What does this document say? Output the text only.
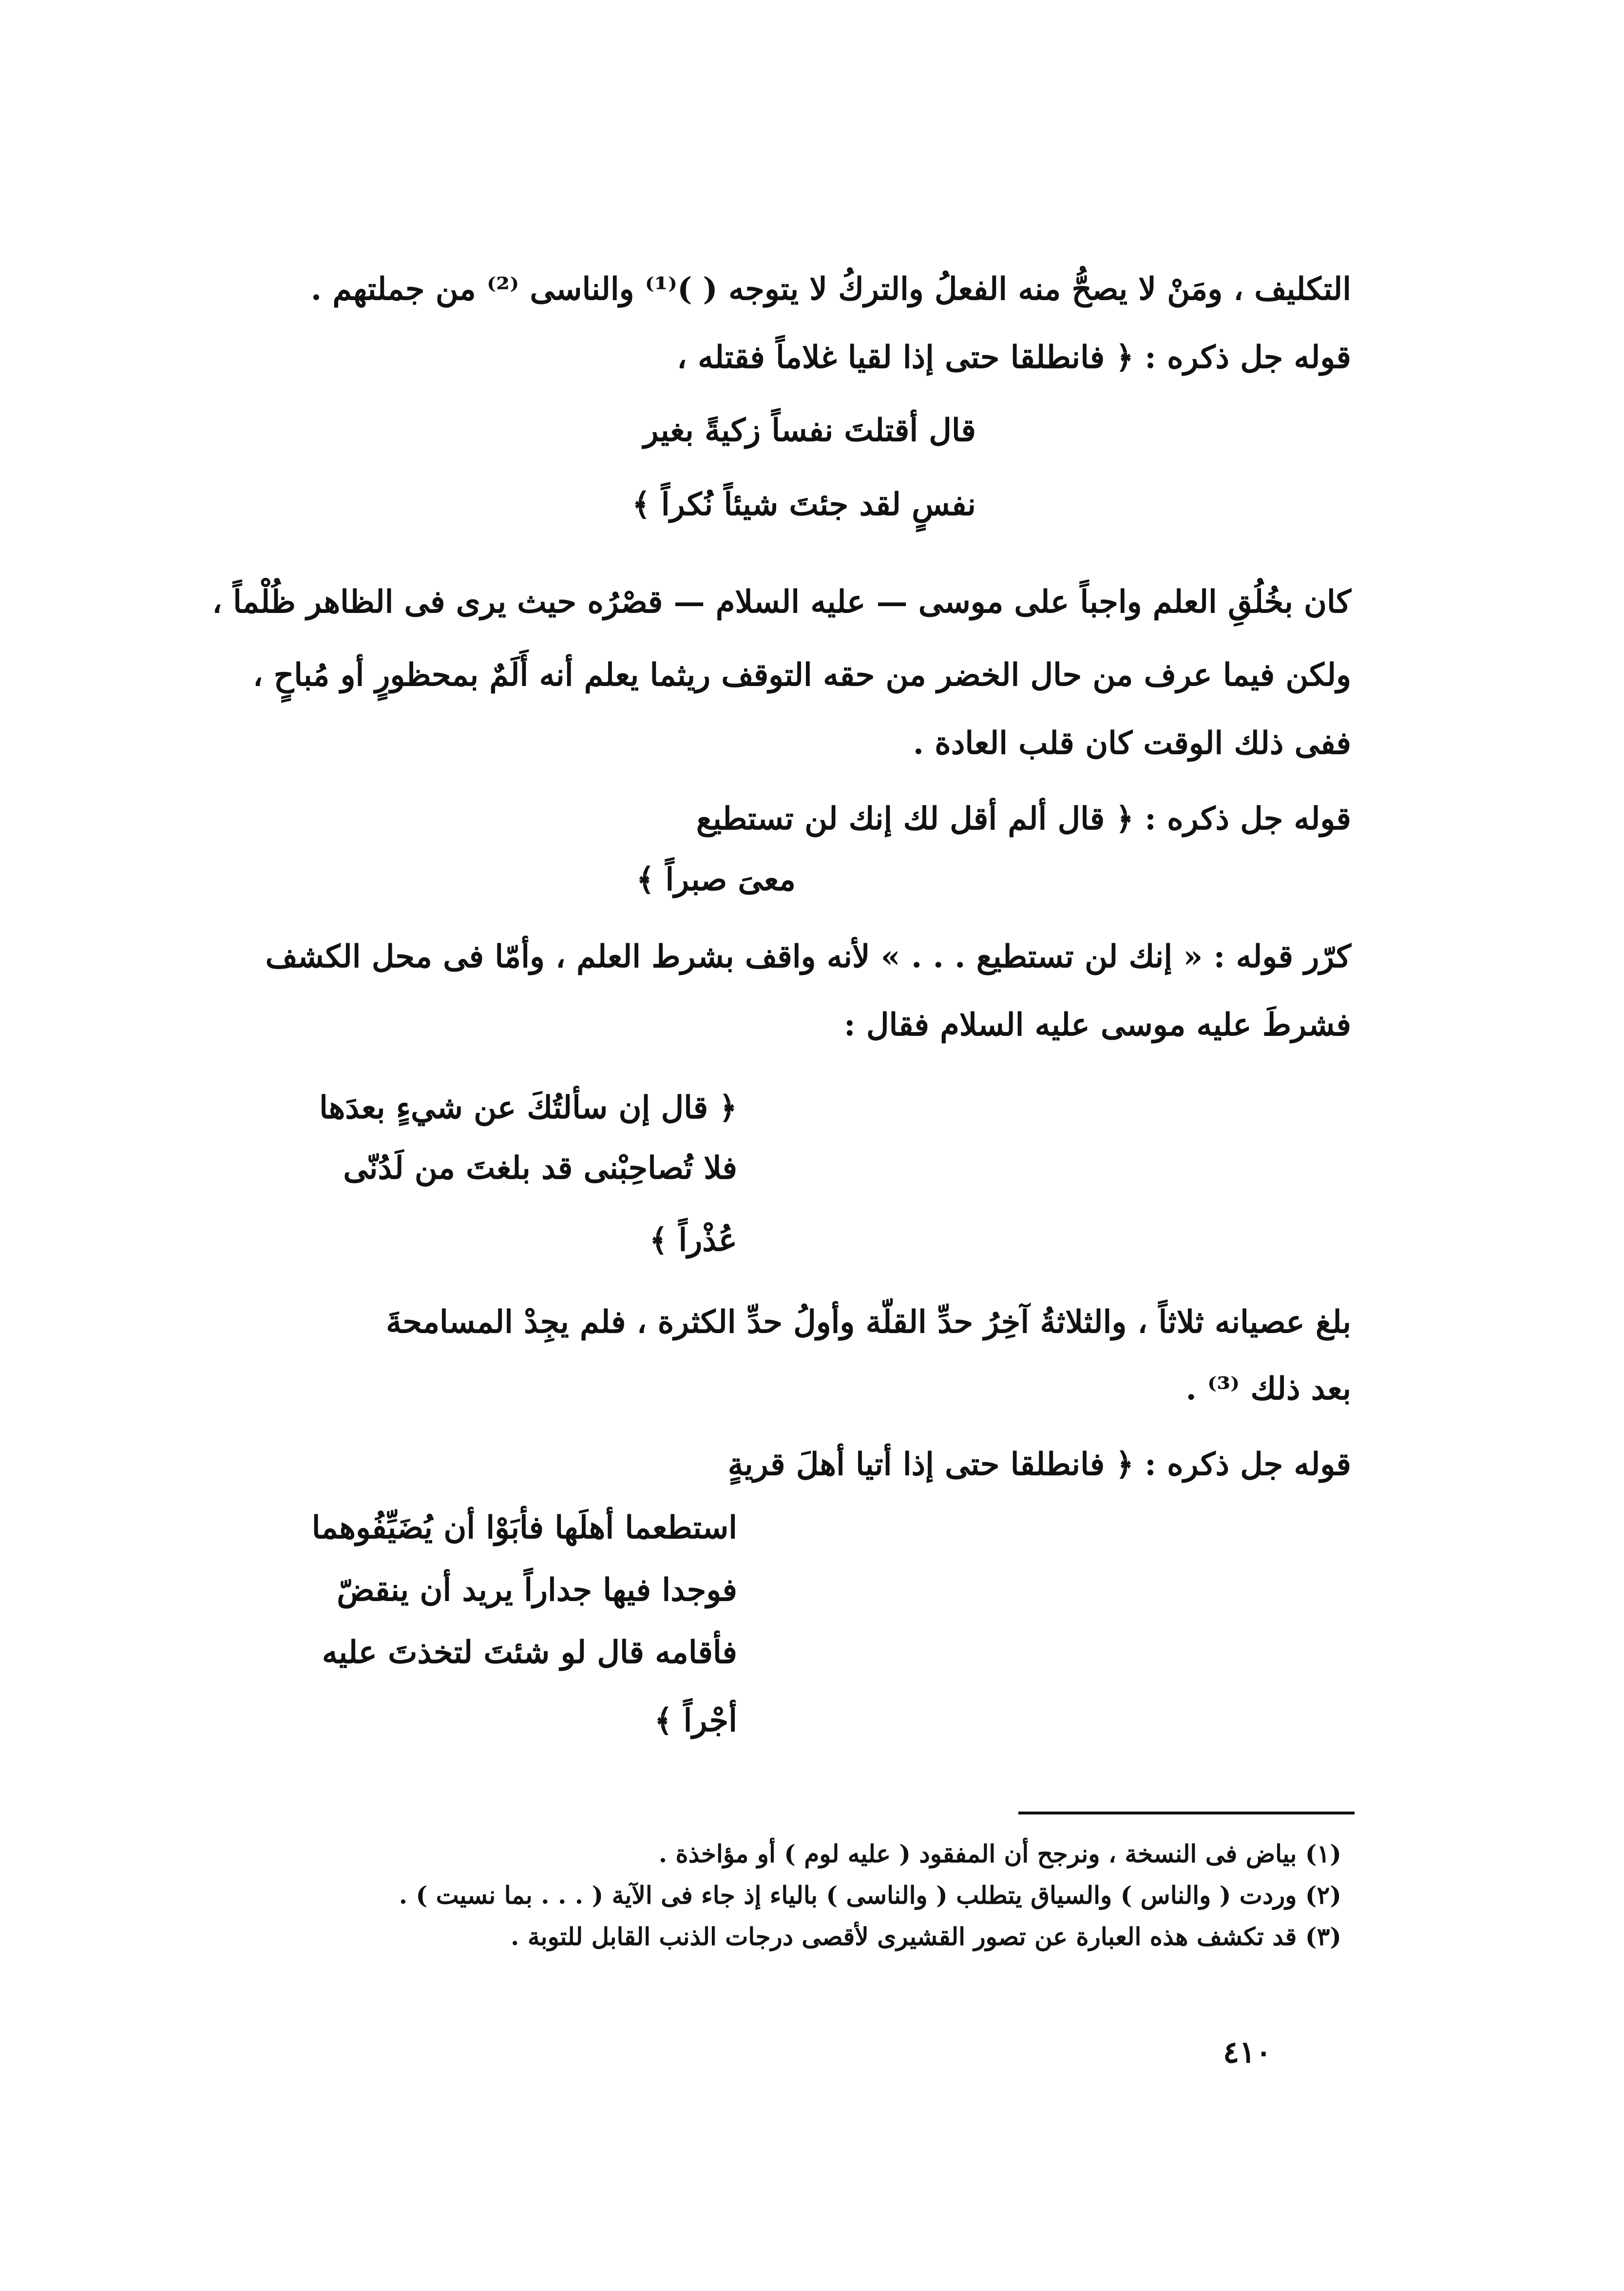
التكليف ، ومَنْ لا يصحُّ منه الفعلُ والتركُ لا يتوجه ( )⁽¹⁾ والناسى ⁽²⁾ من جملتهم .
قوله جل ذكره : ﴿ فانطلقا حتى إذا لقيا غلاماً فقتله ،
قال أقتلتَ نفساً زكيةً بغير
نفسٍ لقد جئتَ شيئاً نُكراً ﴾
كان بخُلُقِ العلم واجباً على موسى — عليه السلام — قصْرُه حيث يرى فى الظاهر ظُلْماً ،
ولكن فيما عرف من حال الخضر من حقه التوقف ريثما يعلم أنه أَلَمٌ بمحظورٍ أو مُباحٍ ،
ففى ذلك الوقت كان قلب العادة .
قوله جل ذكره : ﴿ قال ألم أقل لك إنك لن تستطيع
معىَ صبراً ﴾
كرّر قوله : « إنك لن تستطيع . . . » لأنه واقف بشرط العلم ، وأمّا فى محل الكشف
فشرطَ عليه موسى عليه السلام فقال :
﴿ قال إن سألتُكَ عن شيءٍ بعدَها
فلا تُصاحِبْنى قد بلغتَ من لَدُنّى
عُذْراً ﴾
بلغ عصيانه ثلاثاً ، والثلاثةُ آخِرُ حدِّ القلّة وأولُ حدِّ الكثرة ، فلم يجِدْ المسامحةَ
بعد ذلك ⁽³⁾ .
قوله جل ذكره : ﴿ فانطلقا حتى إذا أتيا أهلَ قريةٍ
استطعما أهلَها فأبَوْا أن يُضَيِّفُوهما
فوجدا فيها جداراً يريد أن ينقضّ
فأقامه قال لو شئتَ لتخذتَ عليه
أجْراً ﴾
(١) بياض فى النسخة ، ونرجح أن المفقود ( عليه لوم ) أو مؤاخذة .
(٢) وردت ( والناس ) والسياق يتطلب ( والناسى ) بالياء إذ جاء فى الآية ( . . . بما نسيت ) .
(٣) قد تكشف هذه العبارة عن تصور القشيرى لأقصى درجات الذنب القابل للتوبة .
٤١٠
